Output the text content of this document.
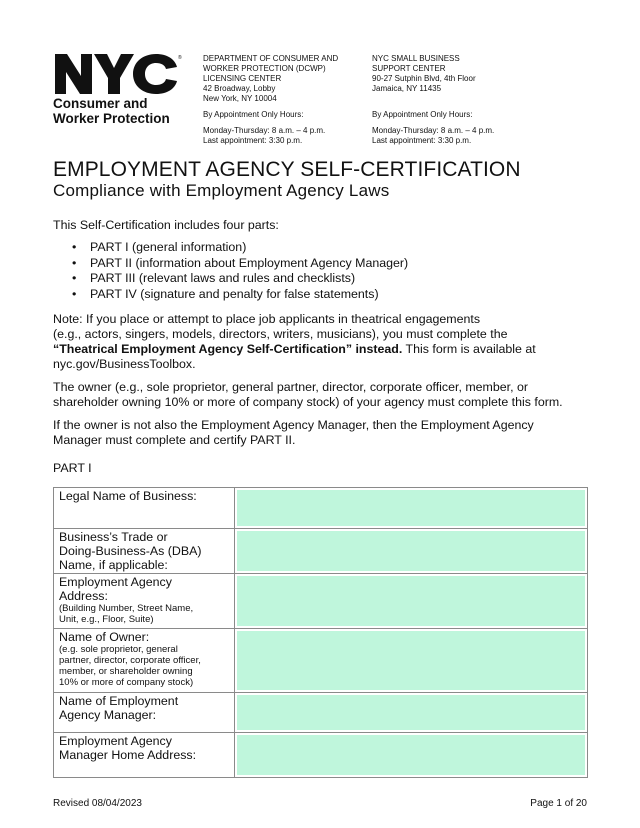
®
Consumer and
Worker Protection
DEPARTMENT OF CONSUMER AND
WORKER PROTECTION (DCWP)
LICENSING CENTER
42 Broadway, Lobby
New York, NY 10004
By Appointment Only Hours:
Monday-Thursday: 8 a.m. – 4 p.m.
Last appointment: 3:30 p.m.
NYC SMALL BUSINESS
SUPPORT CENTER
90-27 Sutphin Blvd, 4th Floor
Jamaica, NY 11435

By Appointment Only Hours:
Monday-Thursday: 8 a.m. – 4 p.m.
Last appointment: 3:30 p.m.
EMPLOYMENT AGENCY SELF-CERTIFICATION
Compliance with Employment Agency Laws

This Self-Certification includes four parts:

• PART I (general information)
• PART II (information about Employment Agency Manager)
• PART III (relevant laws and rules and checklists)
• PART IV (signature and penalty for false statements)

Note: If you place or attempt to place job applicants in theatrical engagements
(e.g., actors, singers, models, directors, writers, musicians), you must complete the
“Theatrical Employment Agency Self-Certification” instead. This form is available at
nyc.gov/BusinessToolbox.

The owner (e.g., sole proprietor, general partner, director, corporate officer, member, or
shareholder owning 10% or more of company stock) of your agency must complete this form.

If the owner is not also the Employment Agency Manager, then the Employment Agency
Manager must complete and certify PART II.

PART I
Legal Name of Business:	

Business’s Trade or
Doing-Business-As (DBA)
Name, if applicable:	

Employment Agency
Address:
(Building Number, Street Name,
Unit, e.g., Floor, Suite)	

Name of Owner:
(e.g. sole proprietor, general
partner, director, corporate officer,
member, or shareholder owning
10% or more of company stock)	

Name of Employment
Agency Manager:	

Employment Agency
Manager Home Address:	

Revised 08/04/2023	Page 1 of 20
